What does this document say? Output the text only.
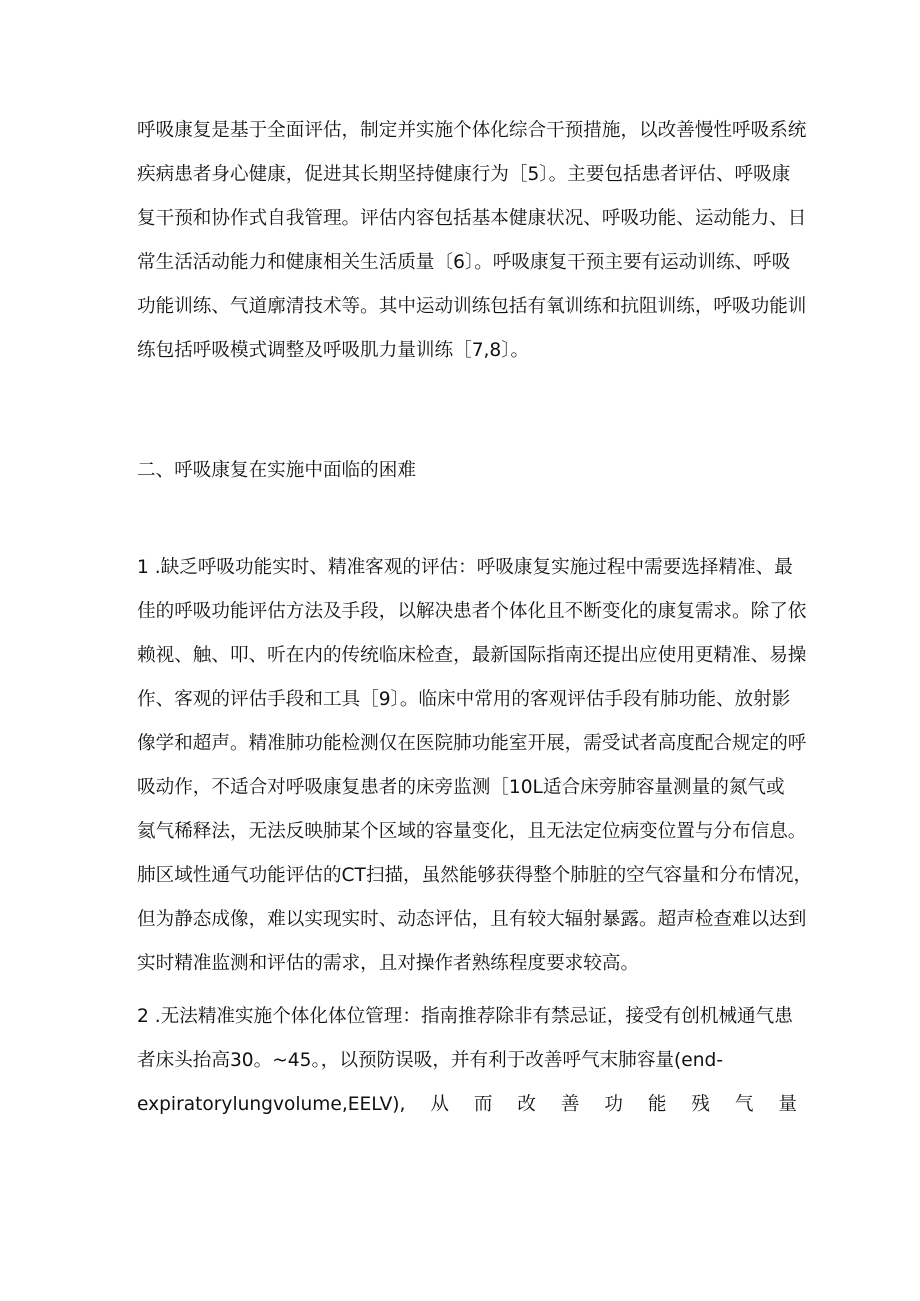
呼吸康复是基于全面评估，制定并实施个体化综合干预措施，以改善慢性呼吸系统
疾病患者身心健康，促进其长期坚持健康行为［5〕。主要包括患者评估、呼吸康
复干预和协作式自我管理。评估内容包括基本健康状况、呼吸功能、运动能力、日
常生活活动能力和健康相关生活质量〔6〕。呼吸康复干预主要有运动训练、呼吸
功能训练、气道廓清技术等。其中运动训练包括有氧训练和抗阻训练，呼吸功能训
练包括呼吸模式调整及呼吸肌力量训练［7,8〕。
二、呼吸康复在实施中面临的困难
1 .缺乏呼吸功能实时、精准客观的评估：呼吸康复实施过程中需要选择精准、最
佳的呼吸功能评估方法及手段，以解决患者个体化且不断变化的康复需求。除了依
赖视、触、叩、听在内的传统临床检查，最新国际指南还提出应使用更精准、易操
作、客观的评估手段和工具［9〕。临床中常用的客观评估手段有肺功能、放射影
像学和超声。精准肺功能检测仅在医院肺功能室开展，需受试者高度配合规定的呼
吸动作，不适合对呼吸康复患者的床旁监测［10L适合床旁肺容量测量的氮气或
氦气稀释法，无法反映肺某个区域的容量变化，且无法定位病变位置与分布信息。
肺区域性通气功能评估的CT扫描，虽然能够获得整个肺脏的空气容量和分布情况，
但为静态成像，难以实现实时、动态评估，且有较大辐射暴露。超声检查难以达到
实时精准监测和评估的需求，且对操作者熟练程度要求较高。
2 .无法精准实施个体化体位管理：指南推荐除非有禁忌证，接受有创机械通气患
者床头抬高30。~45。，以预防误吸，并有利于改善呼气末肺容量(end-
expiratorylungvolume,EELV), 从 而 改 善 功 能 残 气 量
